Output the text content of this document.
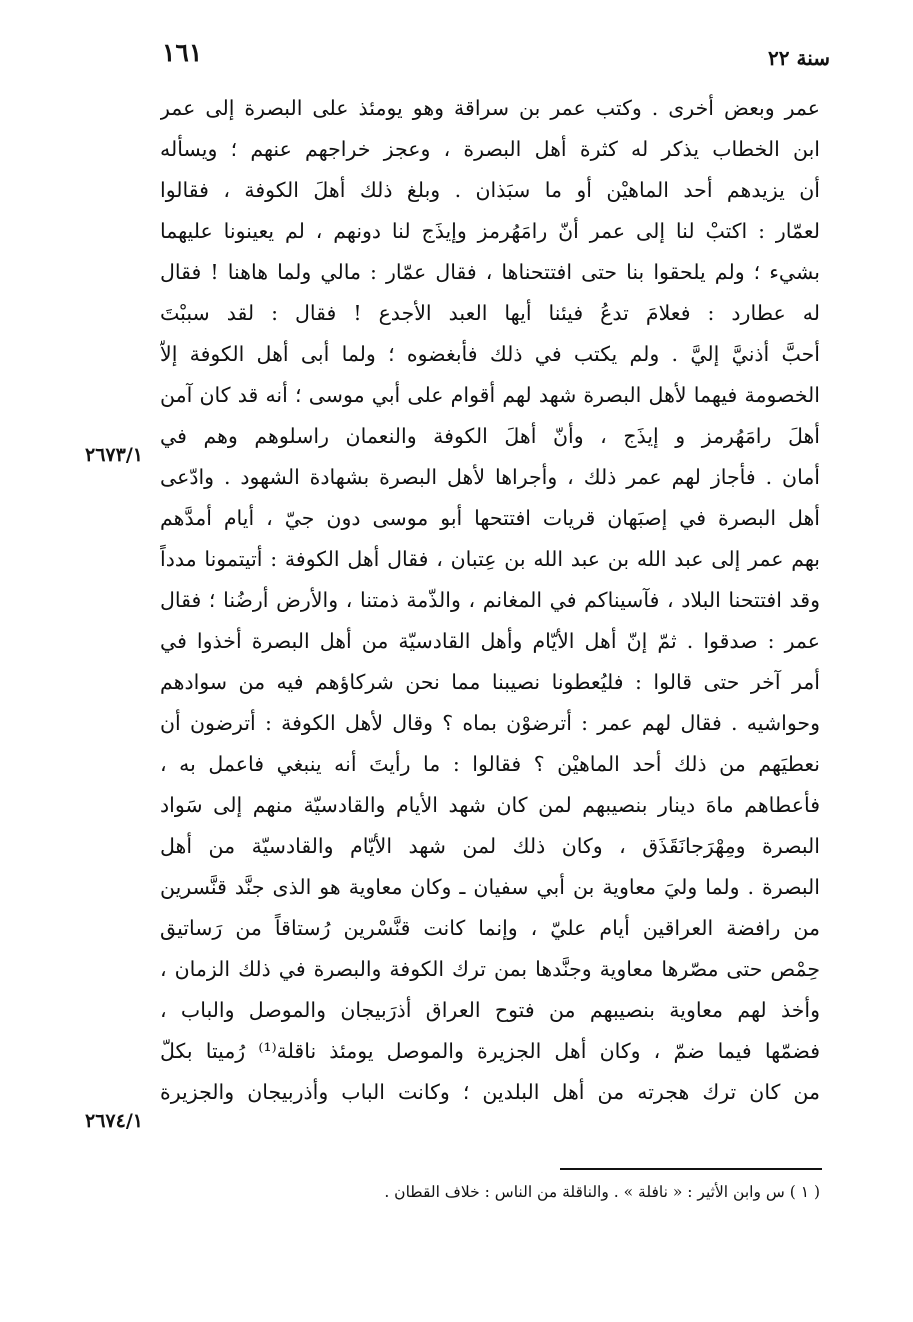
سنة ٢٢
١٦١
عمر وبعض أخرى . وكتب عمر بن سراقة وهو يومئذ على البصرة إلى عمر
ابن الخطاب يذكر له كثرة أهل البصرة ، وعجز خراجهم عنهم ؛ ويسأله
أن يزيدهم أحد الماهيْن أو ما سبَذان . وبلغ ذلك أهلَ الكوفة ، فقالوا
لعمّار : اكتبْ لنا إلى عمر أنّ رامَهُرمز وإيذَج لنا دونهم ، لم يعينونا عليهما
بشيء ؛ ولم يلحقوا بنا حتى افتتحناها ، فقال عمّار : مالي ولما هاهنا ! فقال
له عطارد : فعلامَ تدعُ فيئنا أيها العبد الأجدع ! فقال : لقد سببْتَ
أحبَّ أذنيَّ إليَّ . ولم يكتب في ذلك فأبغضوه ؛ ولما أبى أهل الكوفة إلاّ
الخصومة فيهما لأهل البصرة شهد لهم أقوام على أبي موسى ؛ أنه قد كان آمن
أهلَ رامَهُرمز و إيذَج ، وأنّ أهلَ الكوفة والنعمان راسلوهم وهم في
أمان . فأجاز لهم عمر ذلك ، وأجراها لأهل البصرة بشهادة الشهود . وادّعى
أهل البصرة في إصبَهان قريات افتتحها أبو موسى دون جيّ ، أيام أمدَّهم
بهم عمر إلى عبد الله بن عبد الله بن عِتبان ، فقال أهل الكوفة : أتيتمونا مدداً
وقد افتتحنا البلاد ، فآسيناكم في المغانم ، والذّمة ذمتنا ، والأرض أرضُنا ؛ فقال
عمر : صدقوا . ثمّ إنّ أهل الأيّام وأهل القادسيّة من أهل البصرة أخذوا في
أمر آخر حتى قالوا : فليُعطونا نصيبنا مما نحن شركاؤهم فيه من سوادهم
وحواشيه . فقال لهم عمر : أترضوْن بماه ؟ وقال لأهل الكوفة : أترضون أن
نعطيَهم من ذلك أحد الماهيْن ؟ فقالوا : ما رأيتَ أنه ينبغي فاعمل به ،
فأعطاهم ماهَ دينار بنصيبهم لمن كان شهد الأيام والقادسيّة منهم إلى سَواد
البصرة ومِهْرَجانَقَذَق ، وكان ذلك لمن شهد الأيّام والقادسيّة من أهل
البصرة . ولما وليَ معاوية بن أبي سفيان ـ وكان معاوية هو الذى جنَّد قنَّسرين
من رافضة العراقين أيام عليّ ، وإنما كانت قنَّسْرين رُستاقاً من رَساتيق
حِمْص حتى مصّرها معاوية وجنَّدها بمن ترك الكوفة والبصرة في ذلك الزمان ،
وأخذ لهم معاوية بنصيبهم من فتوح العراق أذرَبيجان والموصل والباب ،
فضمّها فيما ضمّ ، وكان أهل الجزيرة والموصل يومئذ ناقلة⁽¹⁾ رُميتا بكلّ
من كان ترك هجرته من أهل البلدين ؛ وكانت الباب وأذربيجان والجزيرة
٢٦٧٣/١
٢٦٧٤/١
( ١ ) س وابن الأثير : « نافلة » . والناقلة من الناس : خلاف القطان .
